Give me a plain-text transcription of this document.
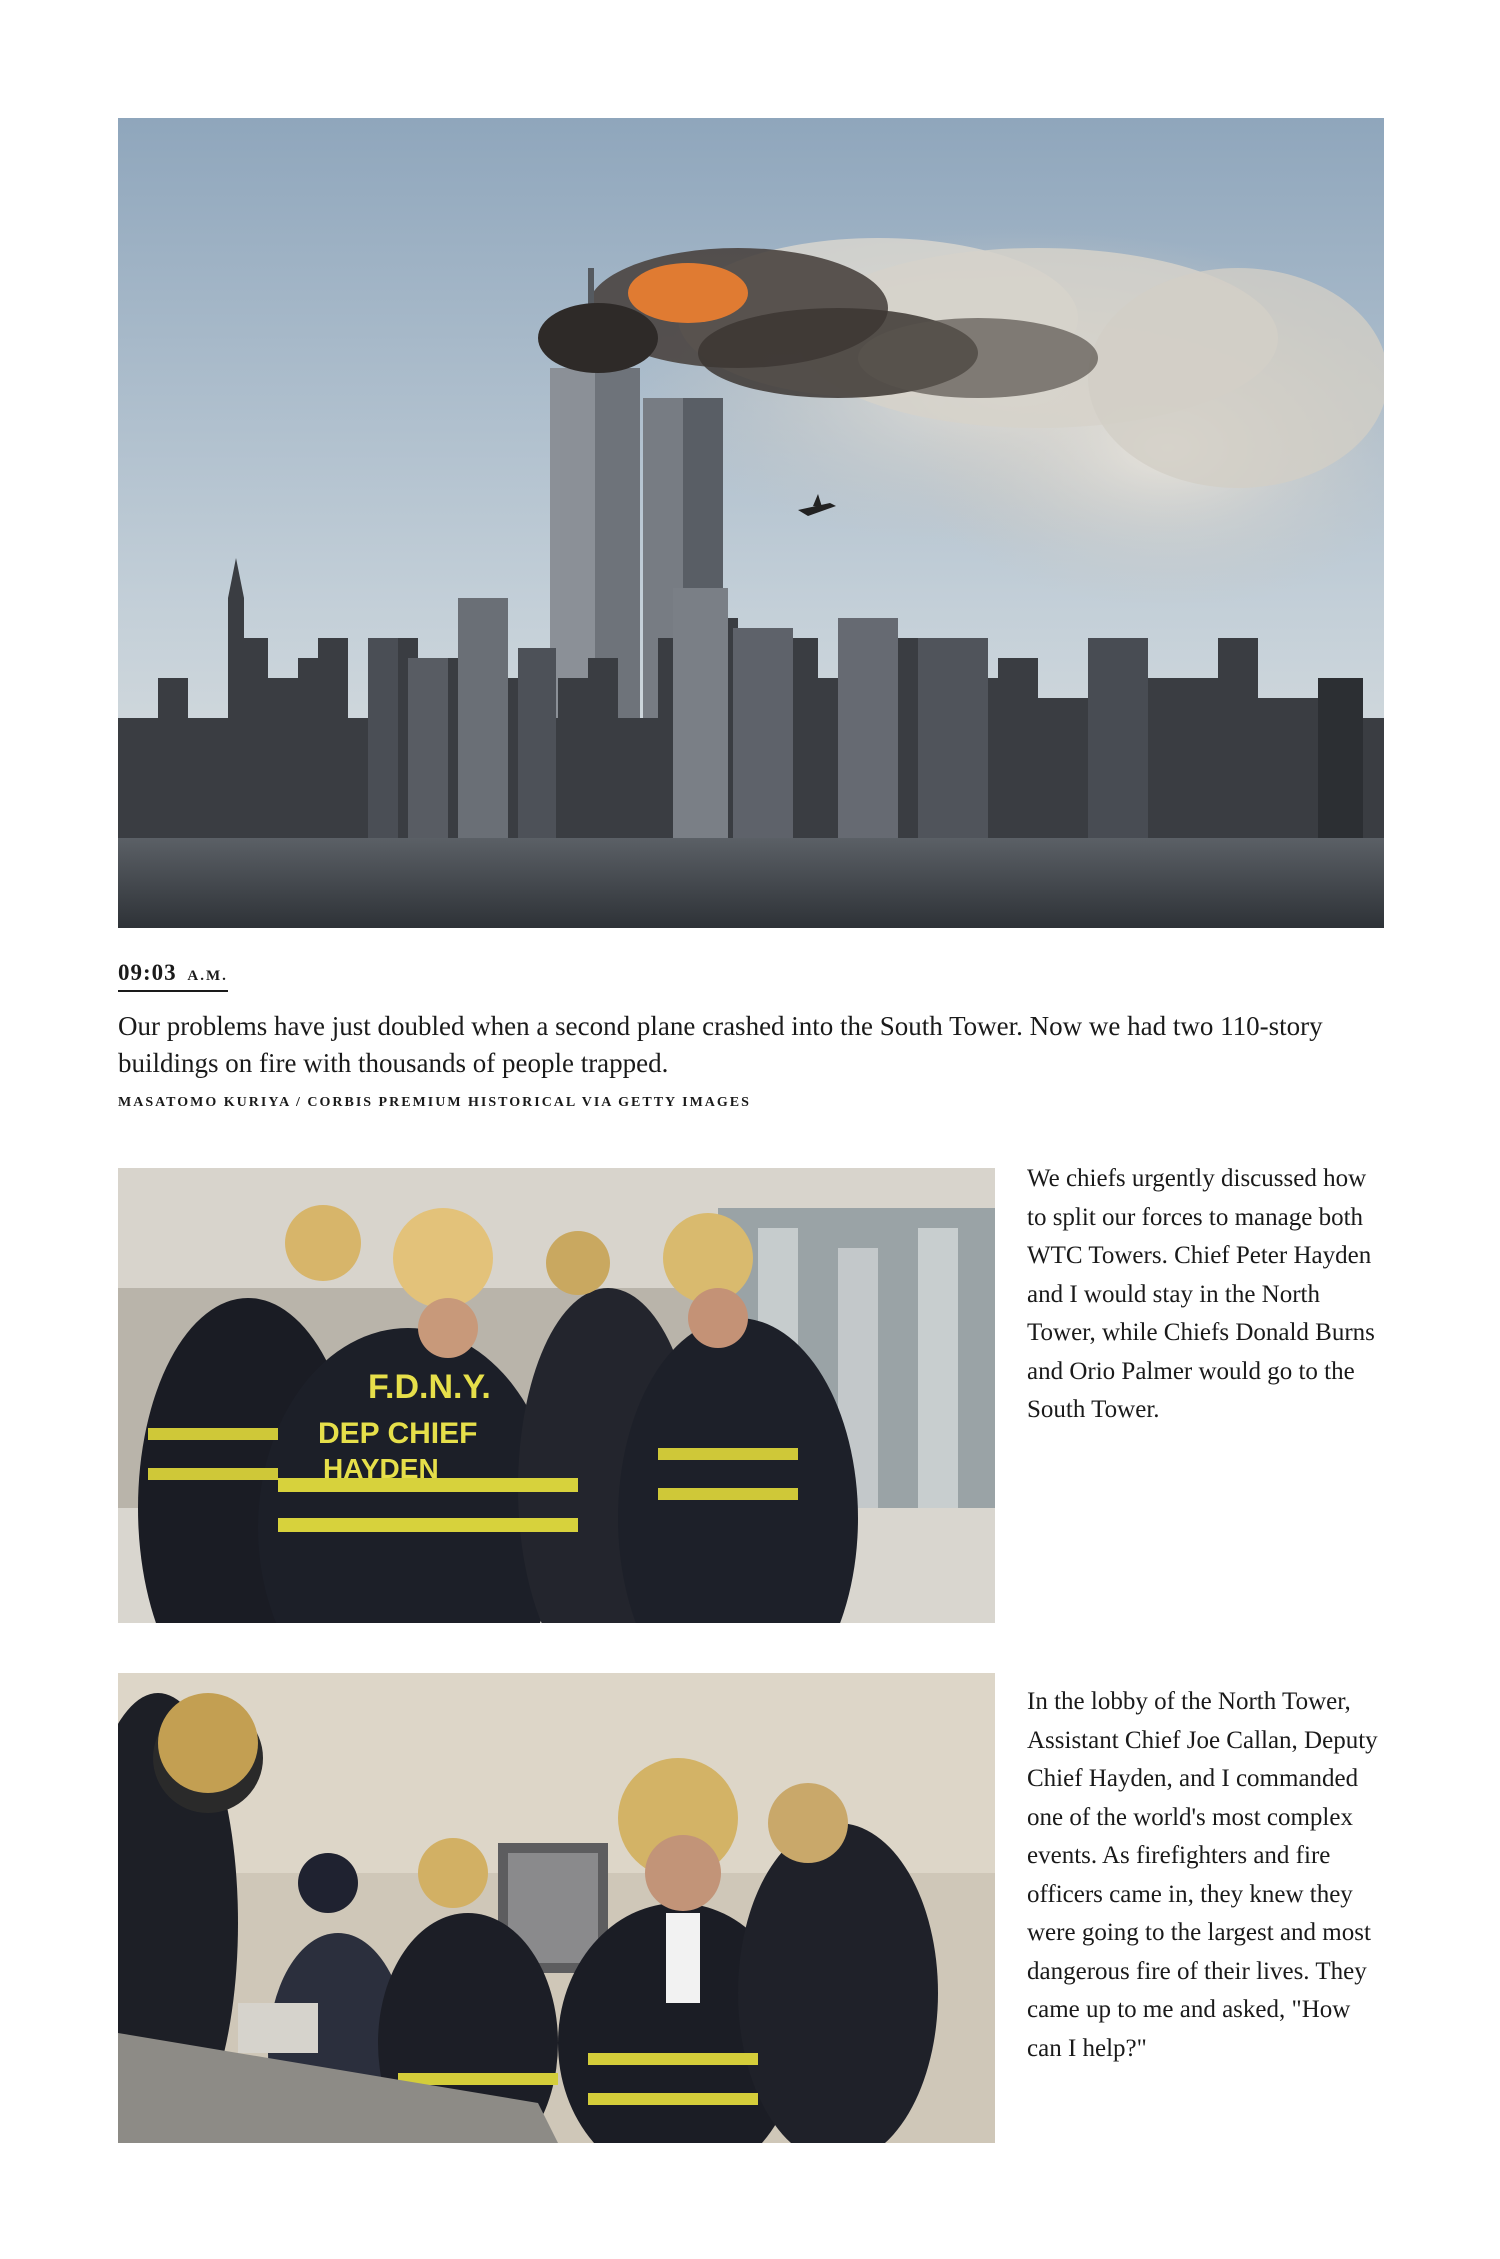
09:03 A.M.
Our problems have just doubled when a second plane crashed into the South Tower. Now we had two 110-story buildings on fire with thousands of people trapped.
MASATOMO KURIYA / CORBIS PREMIUM HISTORICAL VIA GETTY IMAGES
F.D.N.Y.
DEP CHIEF
HAYDEN
We chiefs urgently discussed how to split our forces to manage both WTC Towers. Chief Peter Hayden and I would stay in the North Tower, while Chiefs Donald Burns and Orio Palmer would go to the South Tower.
In the lobby of the North Tower, Assistant Chief Joe Callan, Deputy Chief Hayden, and I commanded one of the world's most complex events. As firefighters and fire officers came in, they knew they were going to the largest and most dangerous fire of their lives. They came up to me and asked, "How can I help?"
